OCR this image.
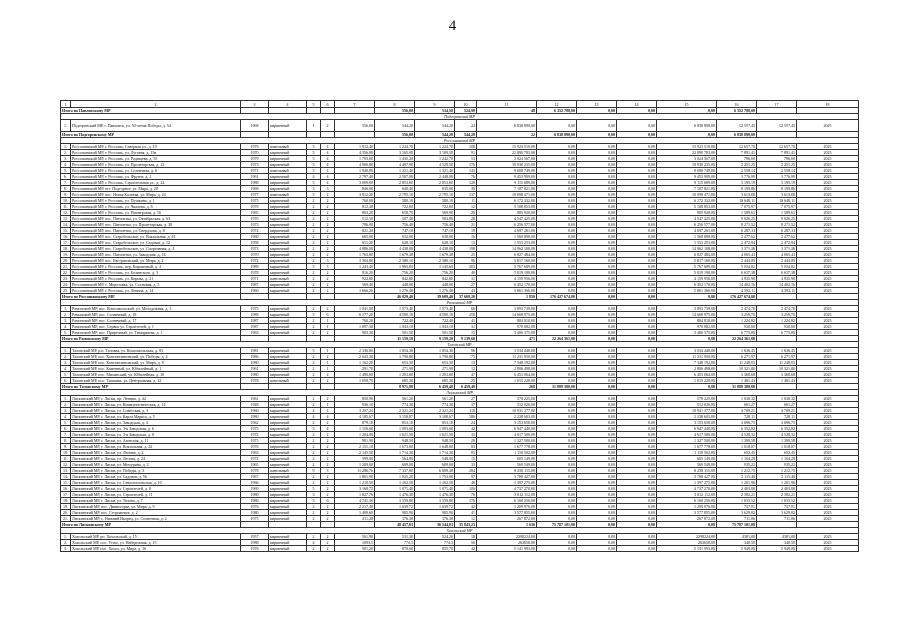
4
1	2	3	4	5	6	7	8	9	10	11	12	13	14	15	16	17	18
Итого по Павловскому МР							556,00	534,50	524,90	48	6 352 708,00	0,00	0,00	0,00	6 352 708,00		
Подгоренский МР																	
1.	Подгоренский МР, г. Павловск, ул. 50-летия Победы, д. 54	1968	кирпичный	1	2	556,00	544,20	544,20	22	6 838 890,00	0,00	0,00	0,00	6 838 890,00	12 557,45	12 557,45	2025
Итого по Подгоренскому МР							556,00	544,20	544,20	22	6 838 890,00	0,00	0,00	0,00	6 838 890,00		
Россошанский МР																	
1.	Россошанский МР, г. Россошь, Северная ул., д. 19	1979	панельный	5	4	1 912,40	1 224,70	1 224,70	100	15 923 510,00	0,00	0,00	0,00	15 923 510,00	12 657,70	12 657,70	2025
2.	Россошанский МР, г. Россошь, ул. Луговая, д. 15в	1970	кирпичный	5	4	4 356,80	3 165,00	3 109,50	91	22 890 783,00	0,00	0,00	0,00	22 890 783,00	7 891,41	7 891,41	2025
3.	Россошанский МР, г. Россошь, ул. Радищева, д. 55	1979	кирпичный	5	4	1 793,00	1 435,20	1 242,70	53	3 024 567,00	0,00	0,00	0,00	3 024 567,00	796,00	796,00	2025
4.	Россошанский МР, г. Россошь, ул. Пролетарская, д. 12	1973	кирпичный	5	4	4 906,80	4 497,90	4 529,50	176	19 930 235,00	0,00	0,00	0,00	19 930 235,00	2 251,25	2 251,25	2025
5.	Россошанский МР, г. Россошь, ул. Солнечная, д. 6	1971	панельный	5	4	1 940,00	1 321,40	1 321,40	143	9 008 749,00	0,00	0,00	0,00	9 008 749,00	2 558,14	2 558,14	2025
6.	Россошанский МР, г. Россошь, ул. Фрунзе, д. 2	1961	кирпичный	4	4	2 797,40	2 507,00	2 448,00	76	9 453 999,00	0,00	0,00	0,00	9 453 999,00	3 776,99	3 776,99	2025
7.	Россошанский МР, г. Россошь, Строительная ул., д. 24	1988	кирпичный	5	4	3 009,00	2 853,00	2 853,00	120	9 115 689,00	0,00	0,00	0,00	9 115 689,00	3 195,19	3 195,19	2025
8.	Россошанский МР, пгт. Подгорное, ул. Мира, д. 20	1969	кирпичный	3	3	846,00	640,40	835,00	30	7 107 821,00	0,00	0,00	0,00	7 107 821,00	8 199,86	8 199,86	2025
9.	Россошанский МР, пос. Новая Калитва, ул. Мира, д. 24	1977	панельный	5	2	3 812,20	2 795,10	2 795,10	137	10 098 471,00	0,00	0,00	0,00	10 098 471,00	3 613,00	3 613,00	2025
10.	Россошанский МР, г. Россошь, ул. Пушкина, д. 1	1975	кирпичный	2	2	760,00	580,10	580,10	11	6 172 332,00	0,00	0,00	0,00	6 172 332,00	10 640,11	10 640,11	2025
11.	Россошанский МР, г. Россошь, ул. Чкалова, д. 6	1970	кирпичный	2	2	812,40	722,00	722,00	12	5 108 853,00	0,00	0,00	0,00	5 108 853,00	7 075,97	7 075,97	2025
12.	Россошанский МР, г. Россошь, ул. Пионерская, д. 16	1965	кирпичный	2	2	863,20	658,70	569,90	20	905 920,00	0,00	0,00	0,00	905 920,00	1 589,61	1 589,61	2025
13.	Россошанский МР, пос. Пятилетка, ул. Октябрьская, д. 63	1970	кирпичный	2	2	512,50	507,40	503,80	28	4 547 425,00	0,00	0,00	0,00	4 547 425,00	9 026,25	9 026,25	2025
14.	Россошанский МР, пос. Пятилетка, ул. Пролетарская, д. 38	1973	кирпичный	2	2	796,00	756,40	756,40	21	6 256 577,00	0,00	0,00	0,00	6 256 577,00	8 271,52	8 271,52	2025
15.	Россошанский МР, пос. Пятилетка, ул. Свердлова, д. 8	1974	кирпичный	2	2	821,20	747,10	747,10	19	4 697 261,00	0,00	0,00	0,00	4 697 261,00	6 287,33	6 287,33	2025
16.	Россошанский МР, пос. Старобельское, ул. Вокзальная, д. 41	1960	кирпичный	2	2	665,00	632,00	630,00	16	1 560 898,00	0,00	0,00	0,00	1 560 898,00	2 477,62	2 477,62	2025
17.	Россошанский МР, пос. Старобельское, ул. Садовая, д. 12	1958	кирпичный	2	2	651,20	628,10	628,10	13	1 553 253,00	0,00	0,00	0,00	1 553 253,00	2 472,94	2 472,94	2025
18.	Россошанский МР, пос. Старобельское, ул. Спортивная, д. 4	1973	кирпичный	2	2	4 886,00	4 438,00	4 438,00	198	14 962 108,00	0,00	0,00	0,00	14 962 108,00	3 371,36	3 371,36	2025
19.	Россошанский МР, пос. Пятилетка, ул. Заводская, д. 14	1970	кирпичный	2	2	1 763,80	1 679,40	1 679,40	25	6 827 484,00	0,00	0,00	0,00	6 827 484,00	4 065,43	4 065,43	2025
20.	Россошанский МР, пос. Евстратовский, ул. Мира, д. 2	1972	кирпичный	2	3	3 304,80	2 380,10	2 380,10	96	5 817 160,00	0,00	0,00	0,00	5 817 160,00	2 444,09	2 444,09	2025
21.	Россошанский МР, г. Россошь, пер. Кирпичный, д. 4	1989	кирпичный	5	3	1 243,40	1 965,00	1 145,60	203	5 767 689,00	0,00	0,00	0,00	5 767 689,00	5 034,82	5 034,82	2025
22.	Россошанский МР, г. Россошь, ул. Белинского, д. 3	1978	кирпичный	2	2	816,20	756,20	756,20	40	5 019 190,00	0,00	0,00	0,00	5 019 190,00	6 637,38	6 637,38	2025
23.	Россошанский МР, г. Россошь, ул. Кирова, д. 21	1971	панельный	2	2	922,80	842,80	842,80	31	4 159 956,00	0,00	0,00	0,00	4 159 956,00	4 935,90	4 935,90	2025
24.	Россошанский МР, с. Морозовка, ул. Сосновая, д. 5	1987	кирпичный	2	2	569,40	448,00	448,00	27	6 452 170,00	0,00	0,00	0,00	6 452 170,00	14 402,16	14 402,16	2025
25.	Россошанский МР, г. Россошь, ул. Ленина, д. 14	1960	кирпичный	2	2	1 666,20	1 276,40	1 276,40	43	5 861 366,00	0,00	0,00	0,00	5 861 366,00	4 592,11	4 592,11	2025
Итого по Россошанскому МР							46 029,40	39 609,40	37 669,20	1 850	176 427 674,00	0,00	0,00	0,00	176 427 674,00		
Рамонский МР																	
1.	Рамонский МР, пос. Комсомольский, ул. Молодежная, д. 3	1975	кирпичный	2	2	1 041,00	1 573,40	1 573,40	66	3 893 739,00	0,00	0,00	0,00	3 893 739,00	2 474,70	2 474,70	2025
2.	Рамонский МР, пос. Солнечный, д. 18	1989	кирпичный	5	6	6 177,20	4 500,10	4 500,10	250	14 668 975,00	0,00	0,00	0,00	14 668 975,00	3 259,70	3 259,70	2025
3.	Рамонский МР, пос. Солнечный, д. 17	1987	кирпичный	2	1	760,20	722,40	722,40	41	884 810,00	0,00	0,00	0,00	884 810,00	1 224,82	1 224,82	2025
4.	Рамонский МР, пос. Сервиз ул. Строителей, д. 1	1987	кирпичный	2	1	1 097,30	1 043,10	1 043,10	31	970 082,00	0,00	0,00	0,00	970 082,00	930,00	930,00	2025
5.	Рамонский МР, пос. Приречный, ул. Тимирязева, д. 1	1963	кирпичный	2	2	983,30	501,50	501,50	15	3 406 375,00	0,00	0,00	0,00	3 406 375,00	6 775,00	6 775,00	2025
Итого по Рамонскому МР							11 159,10	9 159,20	9 139,60	471	22 264 361,00	0,00	0,00	0,00	22 264 361,00		
Таловский МР																	
1.	Таловский МР, р.п. Таловая, ул. Комсомольская, д. 83	1981	кирпичный	5	1	2 336,00	1 854,30	1 854,30	96	3 034 448,00	0,00	0,00	0,00	3 034 448,00	1 636,45	1 636,45	2025
2.	Таловский МР, пос. Константиновский, ул. Победы, д. 4	1986	кирпичный	2	2	2 643,30	1 790,80	1 790,80	75	11 231 950,00	0,00	0,00	0,00	11 231 950,00	6 271,97	6 271,97	2025
3.	Таловский МР, пос. Константиновский, ул. Мира, д. 8	1980	кирпичный	2	1	1 162,20	653,30	653,30	13	7 348 192,00	0,00	0,00	0,00	7 348 192,00	11 248,03	11 248,03	2025
4.	Таловский МР, пос. Каменный, ул. Юбилейный, д. 1	1961	кирпичный	2	1	281,70	271,90	271,90	12	2 806 498,00	0,00	0,00	0,00	2 806 498,00	10 321,80	10 321,80	2025
5.	Таловский МР, пос. Михинский, ул. Юбилейная, д. 10	1980	кирпичный	2	2	1 490,00	1 203,80	1 203,80	47	6 453 064,00	0,00	0,00	0,00	6 453 064,00	5 360,68	5 360,68	2025
6.	Таловский МР, пос. Тишанка, ул. Центральная, д. 12	1978	панельный	2	2	1 058,70	685,30	685,30	25	1 015 228,00	0,00	0,00	0,00	1 015 228,00	1 481,43	1 481,43	2025
Итого по Таловскому МР							8 971,90	6 459,40	6 459,40	268	31 889 380,00	0,00	0,00	0,00	31 889 380,00		
Лискинский МР																	
1.	Лискинский МР, г. Лиски, пр. Ленина, д. 42	1961	кирпичный	2	2	850,90	561,20	561,20	27	578 225,00	0,00	0,00	0,00	578 225,00	1 030,32	1 030,32	2025
2.	Лискинский МР, г. Лиски, ул. Коммунистическая, д. 14	1948	кирпичный	2	1	936,10	774,30	774,30	37	512 026,00	0,00	0,00	0,00	512 026,00	661,27	661,27	2025
3.	Лискинский МР, г. Лиски, ул. Советская, д. 3	1960	кирпичный	4	4	3 207,24	2 321,24	2 321,24	110	10 931 377,00	0,00	0,00	0,00	10 931 377,00	4 709,21	4 709,21	2025
4.	Лискинский МР, г. Лиски, ул. Карла Маркса, д. 5	1980	кирпичный	4	4	4 185,67	3 158,87	3 108,67	186	2 238 603,00	0,00	0,00	0,00	2 238 603,00	720,11	720,11	2025
5.	Лискинский МР, г. Лиски, ул. Заводская, д. 4	1962	кирпичный	2	2	879,10	853,10	853,10	24	3 153 658,00	0,00	0,00	0,00	3 153 658,00	3 696,75	3 696,75	2025
6.	Лискинский МР, г. Лиски, ул. 3-я Заводская, д. 6	1975	кирпичный	5	4	1 156,60	1 093,60	1 093,60	42	6 947 440,00	0,00	0,00	0,00	6 947 440,00	6 352,82	6 352,82	2025
7.	Лискинский МР, г. Лиски, ул. 3-я Заводская, д. 8	1972	кирпичный	2	2	1 204,00	1 021,50	1 021,50	33	4 617 500,00	0,00	0,00	0,00	4 617 500,00	4 520,32	4 520,32	2025
8.	Лискинский МР, г. Лиски, ул. Азовская, д. 11	1973	кирпичный	2	2	981,90	948,50	948,50	29	1 327 500,00	0,00	0,00	0,00	1 327 500,00	1 399,58	1 399,58	2025
9.	Лискинский МР, г. Лиски, ул. Вокзальная, д. 22	1976	кирпичный	2	2	2 151,10	1 673,00	1 648,00	83	1 677 778,00	0,00	0,00	0,00	1 677 778,00	1 018,07	1 018,07	2025
10.	Лискинский МР, г. Лиски, ул. Ленина, д. 2	1963	кирпичный	2	2	2 145,50	1 714,30	1 714,30	81	1 118 502,00	0,00	0,00	0,00	1 118 502,00	652,45	652,45	2025
11.	Лискинский МР, г. Лиски, ул. Лесная, д. 24	1972	кирпичный	2	2	599,00	564,80	548,00	15	605 149,00	0,00	0,00	0,00	605 149,00	1 104,29	1 104,29	2025
12.	Лискинский МР, г. Лиски, ул. Мичурина, д. 2	1965	кирпичный	2	2	1 209,00	609,00	609,00	33	569 549,00	0,00	0,00	0,00	569 549,00	935,22	935,22	2025
13.	Лискинский МР, г. Лиски, ул. Победы, д. 3	1978	панельный	9	3	11 286,76	7 337,80	6 809,40	284	8 258 115,00	0,00	0,00	0,00	8 258 115,00	1 212,75	1 212,75	2025
14.	Лискинский МР, г. Лиски, ул. Садовая, д. 56	1967	кирпичный	2	2	1 861,90	1 825,20	1 753,00	97	3 708 427,00	0,00	0,00	0,00	3 708 427,00	2 115,48	2 115,48	2025
15.	Лискинский МР, г. Лиски, ул. Севастопольская, д. 10	1966	кирпичный	2	2	1 210,50	1 162,50	1 162,50	46	1 397 275,00	0,00	0,00	0,00	1 397 275,00	1 201,96	1 201,96	2025
16.	Лискинский МР, г. Лиски, ул. Строителей, д. 8	1969	кирпичный	5	2	3 168,75	1 971,40	1 971,40	100	4 737 270,00	0,00	0,00	0,00	4 737 270,00	2 403,00	2 403,00	2025
17.	Лискинский МР, г. Лиски, ул. Строителей, д. 11	1980	кирпичный	3	2	1 827,76	1 476,30	1 476,30	76	3 812 112,00	0,00	0,00	0,00	3 812 112,00	2 582,21	2 582,21	2025
18.	Лискинский МР, г. Лиски, ул. Титова, д. 7	1980	кирпичный	5	6	4 741,36	3 359,80	3 359,80	176	6 160 256,00	0,00	0,00	0,00	6 160 256,00	1 833,52	1 833,52	2025
19.	Лискинский МР, пос. Дивногорье, ул. Мира, д. 9	1976	кирпичный	2	2	2 217,40	1 639,72	1 639,72	42	1 209 976,00	0,00	0,00	0,00	1 209 976,00	737,91	737,91	2025
20.	Лискинский МР, пос. Сторожевое, д. 2	1980	кирпичный	2	2	1 400,60	985,90	985,90	41	3 577 855,00	0,00	0,00	0,00	3 577 855,00	3 629,02	3 629,02	2025
21.	Лискинский МР, с. Нижний Икорец, ул. Солнечная, д. 2	1975	кирпичный	2	2	411,28	376,30	376,30	12	267 872,00	0,00	0,00	0,00	267 872,00	711,86	711,86	2025
Итого по Лискинскому МР							48 457,63	36 544,03	35 843,23	1 636	75 787 101,00	0,00	0,00	0,00	75 787 101,00		
Хохольский МР																	
1.	Хохольский МР, рп. Хохольский, д. 15	1957	кирпичный	2	2	561,90	531,30	524,20	18	2298224,00	0,00	0,00	0,00	2298224,00	4381,00	4381,00	2025
2.	Хохольский МР, пос. Устье, ул. Набережная, д. 15	1988	кирпичный	4	2	1093,5	774,3	774,3	56	263658,00	0,00	0,00	0,00	263658,00	340,50	340,50	2025
3.	Хохольский МР, пос. Хохол, ул. Мира, д. 16	1976	кирпичный	2	2	901,20	870,60	855,70	42	5 141 993,00	0,00	0,00	0,00	5 141 993,00	5 949,00	5 949,00	2025
